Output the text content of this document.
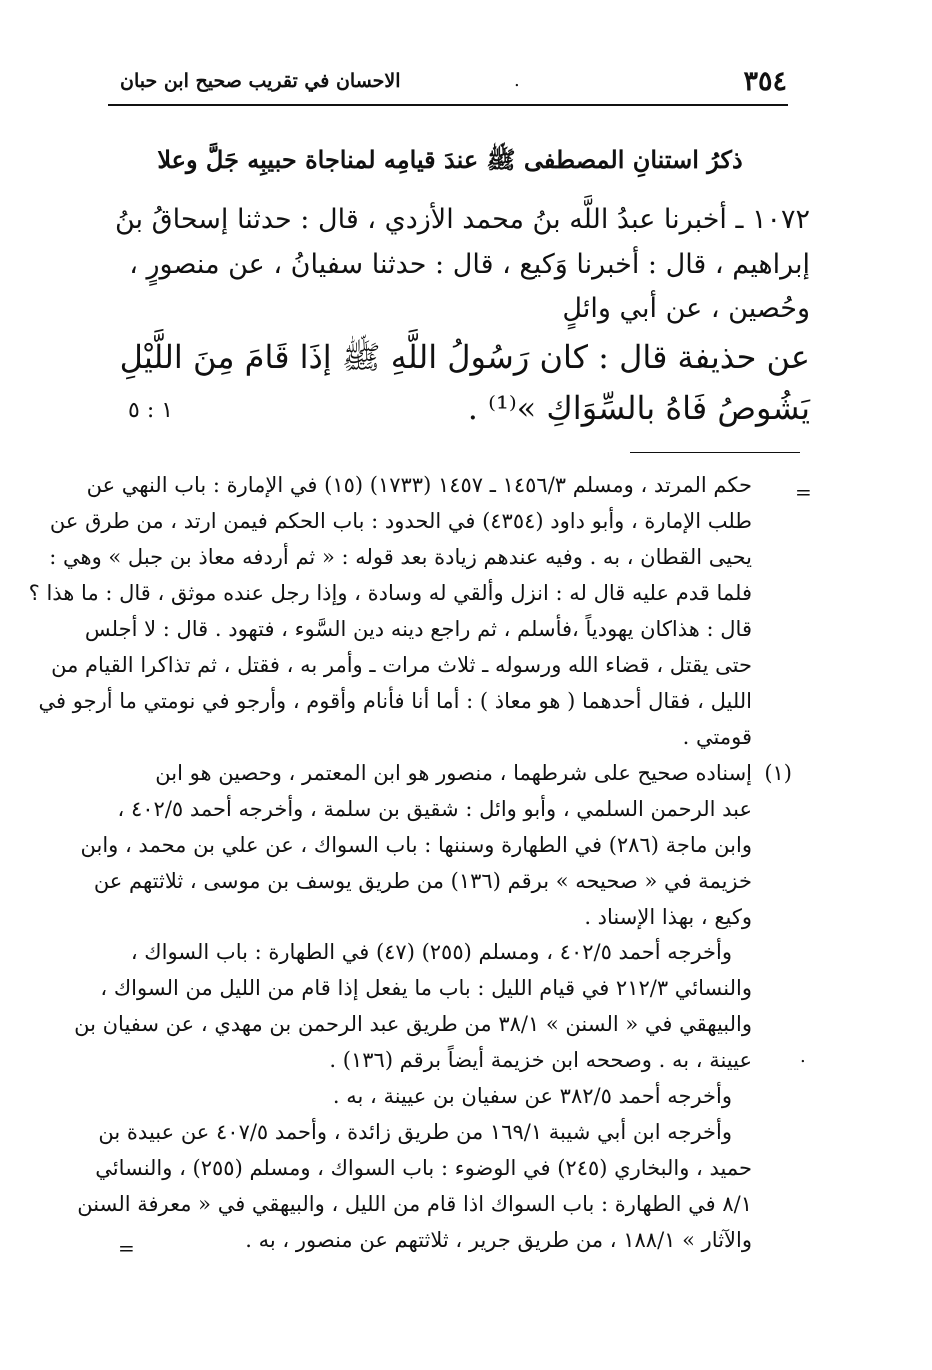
٣٥٤
.
الاحسان في تقريب صحيح ابن حبان
ذكرُ استنانِ المصطفى ﷺ عندَ قيامِه لمناجاة حبيبِه جَلَّ وعلا
١٠٧٢ ـ أخبرنا عبدُ اللَّه بنُ محمد الأزدي ، قال : حدثنا إسحاقُ بنُ
إبراهيم ، قال : أخبرنا وَكيع ، قال : حدثنا سفيانُ ، عن منصورٍ ،
وحُصين ، عن أبي وائلٍ
عن حذيفة قال : كان رَسُولُ اللَّهِ ﷺ إذَا قَامَ مِنَ اللَّيْلِ
يَشُوصُ فَاهُ بالسِّوَاكِ »⁽¹⁾ .
١ : ٥
=
حكم المرتد ، ومسلم ١٤٥٦/٣ ـ ١٤٥٧ (١٧٣٣) (١٥) في الإمارة : باب النهي عن
طلب الإمارة ، وأبو داود (٤٣٥٤) في الحدود : باب الحكم فيمن ارتد ، من طرق عن
يحيى القطان ، به . وفيه عندهم زيادة بعد قوله : « ثم أردفه معاذ بن جبل » وهي :
فلما قدم عليه قال له : انزل وألقي له وسادة ، وإذا رجل عنده موثق ، قال : ما هذا ؟
قال : هذاكان يهودياً ،فأسلم ، ثم راجع دينه دين السَّوء ، فتهود . قال : لا أجلس
حتى يقتل ، قضاء الله ورسوله ـ ثلاث مرات ـ وأمر به ، فقتل ، ثم تذاكرا القيام من
الليل ، فقال أحدهما ( هو معاذ ) : أما أنا فأنام وأقوم ، وأرجو في نومتي ما أرجو في
قومتي .
(١)
إسناده صحيح على شرطهما ، منصور هو ابن المعتمر ، وحصين هو ابن
عبد الرحمن السلمي ، وأبو وائل : شقيق بن سلمة ، وأخرجه أحمد ٤٠٢/٥ ،
وابن ماجة (٢٨٦) في الطهارة وسننها : باب السواك ، عن علي بن محمد ، وابن
خزيمة في « صحيحه » برقم (١٣٦) من طريق يوسف بن موسى ، ثلاثتهم عن
وكيع ، بهذا الإسناد .
وأخرجه أحمد ٤٠٢/٥ ، ومسلم (٢٥٥) (٤٧) في الطهارة : باب السواك ،
والنسائي ٢١٢/٣ في قيام الليل : باب ما يفعل إذا قام من الليل من السواك ،
والبيهقي في « السنن » ٣٨/١ من طريق عبد الرحمن بن مهدي ، عن سفيان بن
عيينة ، به . وصححه ابن خزيمة أيضاً برقم (١٣٦) .	.
وأخرجه أحمد ٣٨٢/٥ عن سفيان بن عيينة ، به .
وأخرجه ابن أبي شيبة ١٦٩/١ من طريق زائدة ، وأحمد ٤٠٧/٥ عن عبيدة بن
حميد ، والبخاري (٢٤٥) في الوضوء : باب السواك ، ومسلم (٢٥٥) ، والنسائي
٨/١ في الطهارة : باب السواك اذا قام من الليل ، والبيهقي في « معرفة السنن
والآثار » ١٨٨/١ ، من طريق جرير ، ثلاثتهم عن منصور ، به .
=
